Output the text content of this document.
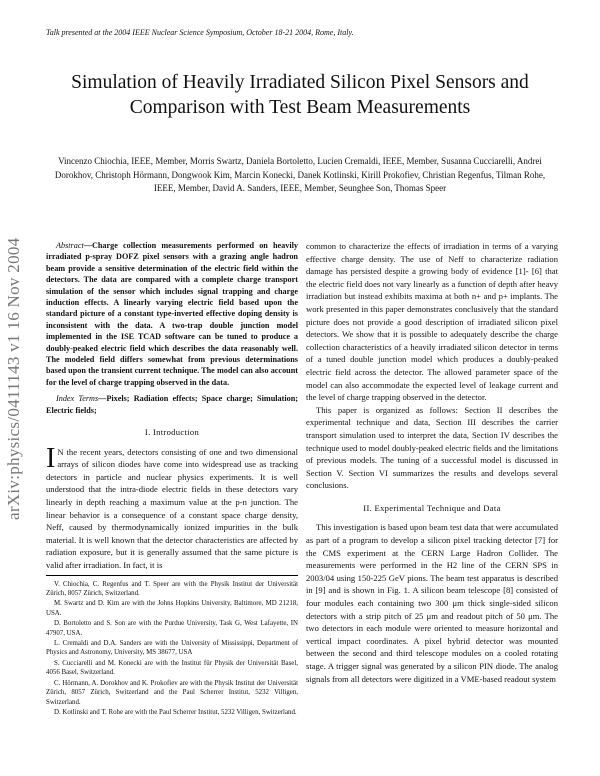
Talk presented at the 2004 IEEE Nuclear Science Symposium, October 18-21 2004, Rome, Italy.
Simulation of Heavily Irradiated Silicon Pixel Sensors and Comparison with Test Beam Measurements
Vincenzo Chiochia, IEEE, Member, Morris Swartz, Daniela Bortoletto, Lucien Cremaldi, IEEE, Member, Susanna Cucciarelli, Andrei Dorokhov, Christoph Hörmann, Dongwook Kim, Marcin Konecki, Danek Kotlinski, Kirill Prokofiev, Christian Regenfus, Tilman Rohe, IEEE, Member, David A. Sanders, IEEE, Member, Seunghee Son, Thomas Speer
arXiv:physics/0411143 v1 16 Nov 2004	Abstract—Charge collection measurements performed on heavily irradiated p-spray DOFZ pixel sensors with a grazing angle hadron beam provide a sensitive determination of the electric field within the detectors. The data are compared with a complete charge transport simulation of the sensor which includes signal trapping and charge induction effects. A linearly varying electric field based upon the standard picture of a constant type-inverted effective doping density is inconsistent with the data. A two-trap double junction model implemented in the ISE TCAD software can be tuned to produce a doubly-peaked electric field which describes the data reasonably well. The modeled field differs somewhat from previous determinations based upon the transient current technique. The model can also account for the level of charge trapping observed in the data.

Index Terms—Pixels; Radiation effects; Space charge; Simulation; Electric fields;

I. Introduction

I N the recent years, detectors consisting of one and two dimensional arrays of silicon diodes have come into widespread use as tracking detectors in particle and nuclear physics experiments. It is well understood that the intra-diode electric fields in these detectors vary linearly in depth reaching a maximum value at the p-n junction. The linear behavior is a consequence of a constant space charge density, Neff, caused by thermodynamically ionized impurities in the bulk material. It is well known that the detector characteristics are affected by radiation exposure, but it is generally assumed that the same picture is valid after irradiation. In fact, it is

V. Chiochia, C. Regenfus and T. Speer are with the Physik Institut der Universität Zürich, 8057 Zürich, Switzerland.

M. Swartz and D. Kim are with the Johns Hopkins University, Baltimore, MD 21218, USA.

D. Bortoletto and S. Son are with the Purdue University, Task G, West Lafayette, IN 47907, USA.

L. Cremaldi and D.A. Sanders are with the University of Mississippi, Department of Physics and Astronomy, University, MS 38677, USA

S. Cucciarelli and M. Konecki are with the Institut für Physik der Universität Basel, 4056 Basel, Switzerland.

C. Hörmann, A. Dorokhov and K. Prokofiev are with the Physik Institut der Universität Zürich, 8057 Zürich, Switzerland and the Paul Scherrer Institut, 5232 Villigen, Switzerland.

D. Kotlinski and T. Rohe are with the Paul Scherrer Institut, 5232 Villigen, Switzerland.

common to characterize the effects of irradiation in terms of a varying effective charge density. The use of Neff to characterize radiation damage has persisted despite a growing body of evidence [1]- [6] that the electric field does not vary linearly as a function of depth after heavy irradiation but instead exhibits maxima at both n+ and p+ implants. The work presented in this paper demonstrates conclusively that the standard picture does not provide a good description of irradiated silicon pixel detectors. We show that it is possible to adequately describe the charge collection characteristics of a heavily irradiated silicon detector in terms of a tuned double junction model which produces a doubly-peaked electric field across the detector. The allowed parameter space of the model can also accommodate the expected level of leakage current and the level of charge trapping observed in the detector.

This paper is organized as follows: Section II describes the experimental technique and data, Section III describes the carrier transport simulation used to interpret the data, Section IV describes the technique used to model doubly-peaked electric fields and the limitations of previous models. The tuning of a successful model is discussed in Section V. Section VI summarizes the results and develops several conclusions.

II. Experimental Technique and Data

This investigation is based upon beam test data that were accumulated as part of a program to develop a silicon pixel tracking detector [7] for the CMS experiment at the CERN Large Hadron Collider. The measurements were performed in the H2 line of the CERN SPS in 2003/04 using 150-225 GeV pions. The beam test apparatus is described in [9] and is shown in Fig. 1. A silicon beam telescope [8] consisted of four modules each containing two 300 μm thick single-sided silicon detectors with a strip pitch of 25 μm and readout pitch of 50 μm. The two detectors in each module were oriented to measure horizontal and vertical impact coordinates. A pixel hybrid detector was mounted between the second and third telescope modules on a cooled rotating stage. A trigger signal was generated by a silicon PIN diode. The analog signals from all detectors were digitized in a VME-based readout system
